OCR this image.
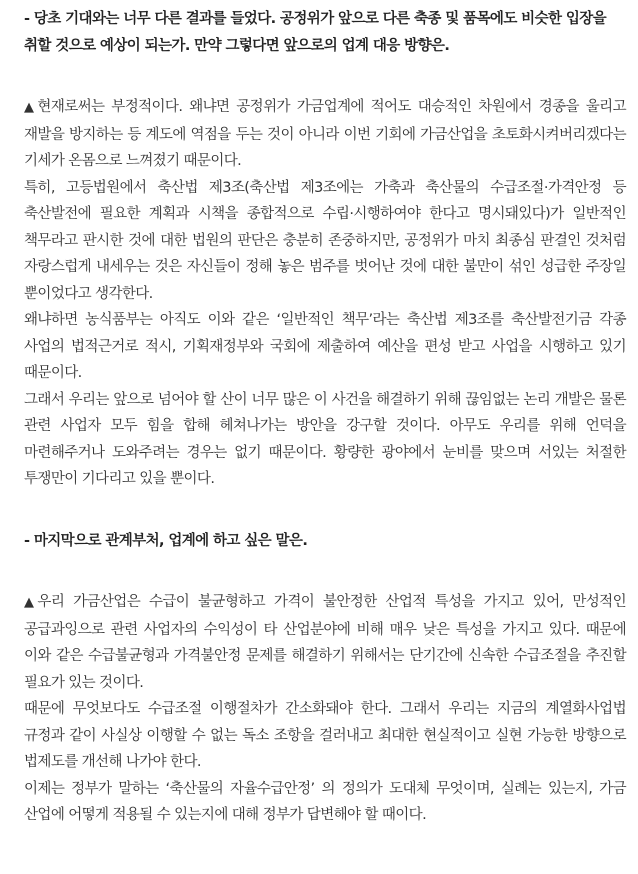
- 당초 기대와는 너무 다른 결과를 들었다. 공정위가 앞으로 다른 축종 및 품목에도 비슷한 입장을 취할 것으로 예상이 되는가. 만약 그렇다면 앞으로의 업계 대응 방향은.

▲ 현재로써는 부정적이다. 왜냐면 공정위가 가금업계에 적어도 대승적인 차원에서 경종을 울리고 재발을 방지하는 등 계도에 역점을 두는 것이 아니라 이번 기회에 가금산업을 초토화시켜버리겠다는 기세가 온몸으로 느껴졌기 때문이다.

특히, 고등법원에서 축산법 제3조(축산법 제3조에는 가축과 축산물의 수급조절·가격안정 등 축산발전에 필요한 계획과 시책을 종합적으로 수립·시행하여야 한다고 명시돼있다)가 일반적인 책무라고 판시한 것에 대한 법원의 판단은 충분히 존중하지만, 공정위가 마치 최종심 판결인 것처럼 자랑스럽게 내세우는 것은 자신들이 정해 놓은 범주를 벗어난 것에 대한 불만이 섞인 성급한 주장일 뿐이었다고 생각한다.

왜냐하면 농식품부는 아직도 이와 같은 ‘일반적인 책무’라는 축산법 제3조를 축산발전기금 각종 사업의 법적근거로 적시, 기획재정부와 국회에 제출하여 예산을 편성 받고 사업을 시행하고 있기 때문이다.

그래서 우리는 앞으로 넘어야 할 산이 너무 많은 이 사건을 해결하기 위해 끊임없는 논리 개발은 물론 관련 사업자 모두 힘을 합해 헤쳐나가는 방안을 강구할 것이다. 아무도 우리를 위해 언덕을 마련해주거나 도와주려는 경우는 없기 때문이다. 황량한 광야에서 눈비를 맞으며 서있는 처절한 투쟁만이 기다리고 있을 뿐이다.

- 마지막으로 관계부처, 업계에 하고 싶은 말은.

▲ 우리 가금산업은 수급이 불균형하고 가격이 불안정한 산업적 특성을 가지고 있어, 만성적인 공급과잉으로 관련 사업자의 수익성이 타 산업분야에 비해 매우 낮은 특성을 가지고 있다. 때문에 이와 같은 수급불균형과 가격불안정 문제를 해결하기 위해서는 단기간에 신속한 수급조절을 추진할 필요가 있는 것이다.

때문에 무엇보다도 수급조절 이행절차가 간소화돼야 한다. 그래서 우리는 지금의 계열화사업법 규정과 같이 사실상 이행할 수 없는 독소 조항을 걸러내고 최대한 현실적이고 실현 가능한 방향으로 법제도를 개선해 나가야 한다.

이제는 정부가 말하는 ‘축산물의 자율수급안정’ 의 정의가 도대체 무엇이며, 실례는 있는지, 가금 산업에 어떻게 적용될 수 있는지에 대해 정부가 답변해야 할 때이다.
